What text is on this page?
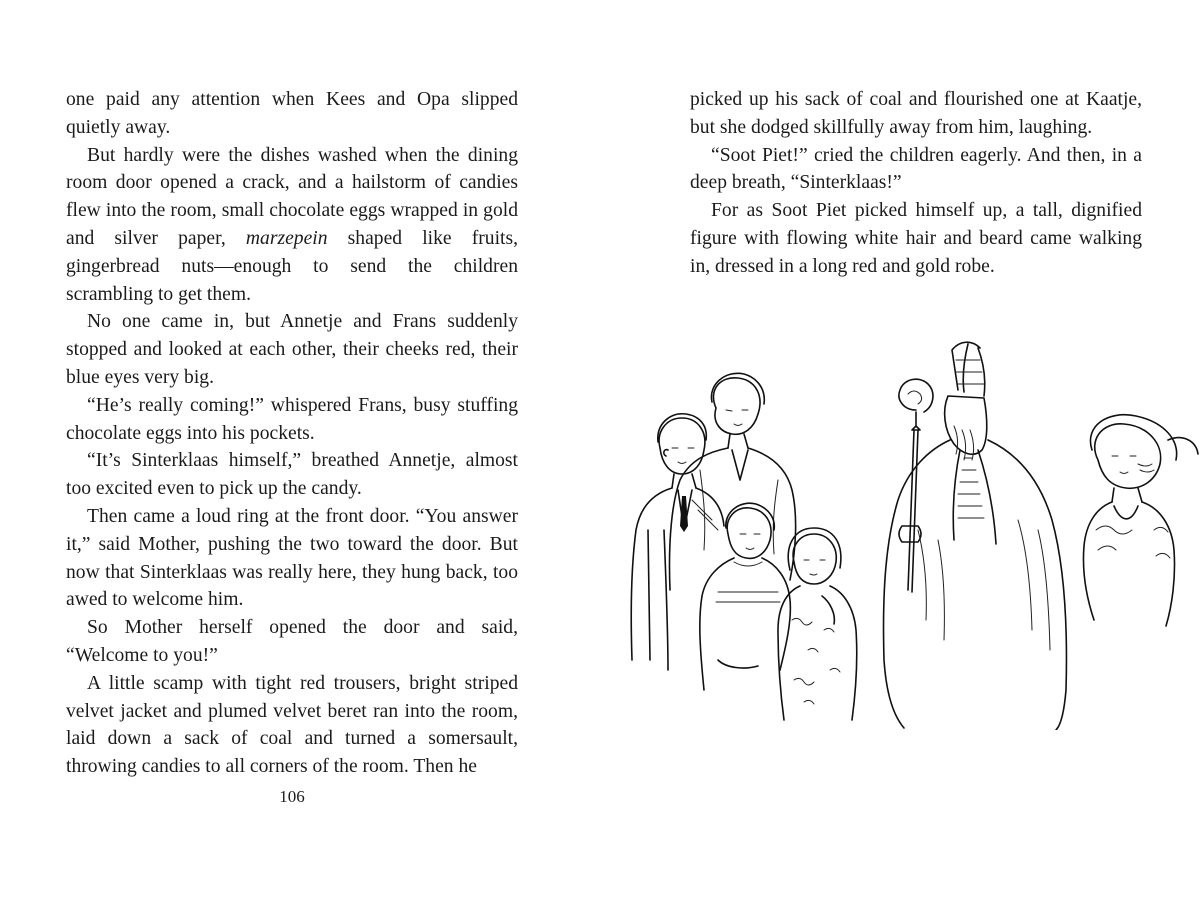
one paid any attention when Kees and Opa slipped quietly away.

But hardly were the dishes washed when the dining room door opened a crack, and a hailstorm of candies flew into the room, small chocolate eggs wrapped in gold and silver paper, marzepein shaped like fruits, gingerbread nuts—enough to send the children scrambling to get them.

No one came in, but Annetje and Frans suddenly stopped and looked at each other, their cheeks red, their blue eyes very big.

“He’s really coming!” whispered Frans, busy stuffing chocolate eggs into his pockets.

“It’s Sinterklaas himself,” breathed Annetje, almost too excited even to pick up the candy.

Then came a loud ring at the front door. “You answer it,” said Mother, pushing the two toward the door. But now that Sinterklaas was really here, they hung back, too awed to welcome him.

So Mother herself opened the door and said, “Welcome to you!”

A little scamp with tight red trousers, bright striped velvet jacket and plumed velvet beret ran into the room, laid down a sack of coal and turned a somersault, throwing candies to all corners of the room. Then he

106

picked up his sack of coal and flourished one at Kaatje, but she dodged skillfully away from him, laughing.

“Soot Piet!” cried the children eagerly. And then, in a deep breath, “Sinterklaas!”

For as Soot Piet picked himself up, a tall, dignified figure with flowing white hair and beard came walking in, dressed in a long red and gold robe.
